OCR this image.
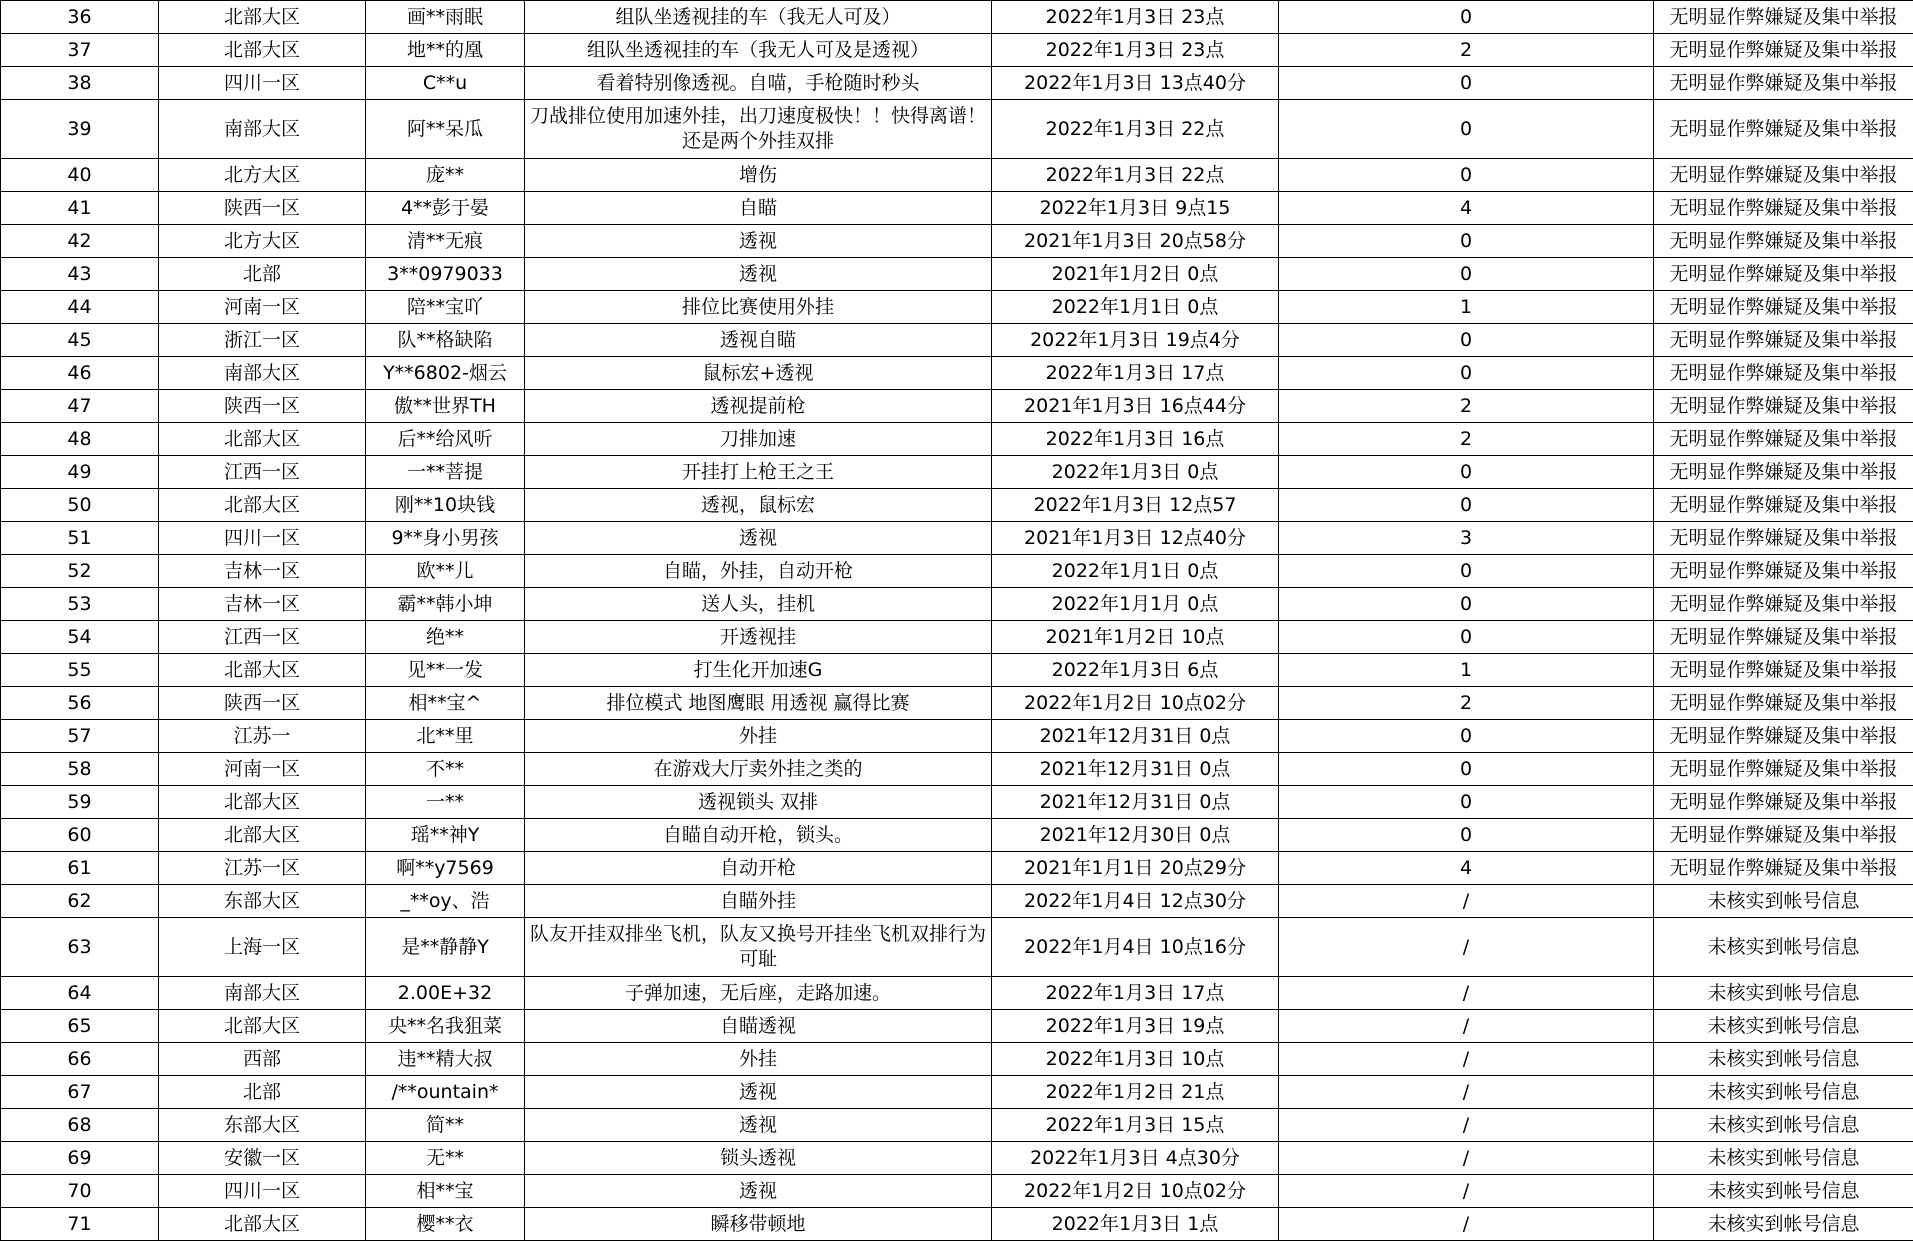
36	北部大区	画**雨眠	组队坐透视挂的车（我无人可及）	2022年1月3日 23点	0	无明显作弊嫌疑及集中举报
37	北部大区	地**的凰	组队坐透视挂的车（我无人可及是透视）	2022年1月3日 23点	2	无明显作弊嫌疑及集中举报
38	四川一区	C**u	看着特别像透视。自喵，手枪随时秒头	2022年1月3日 13点40分	0	无明显作弊嫌疑及集中举报
39	南部大区	阿**呆瓜	刀战排位使用加速外挂，出刀速度极快！！快得离谱！还是两个外挂双排	2022年1月3日 22点	0	无明显作弊嫌疑及集中举报
40	北方大区	庞**	增伤	2022年1月3日 22点	0	无明显作弊嫌疑及集中举报
41	陕西一区	4**彭于晏	自瞄	2022年1月3日 9点15	4	无明显作弊嫌疑及集中举报
42	北方大区	清**无痕	透视	2021年1月3日 20点58分	0	无明显作弊嫌疑及集中举报
43	北部	3**0979033	透视	2021年1月2日 0点	0	无明显作弊嫌疑及集中举报
44	河南一区	陪**宝吖	排位比赛使用外挂	2022年1月1日 0点	1	无明显作弊嫌疑及集中举报
45	浙江一区	队**格缺陷	透视自瞄	2022年1月3日 19点4分	0	无明显作弊嫌疑及集中举报
46	南部大区	Y**6802-烟云	鼠标宏+透视	2022年1月3日 17点	0	无明显作弊嫌疑及集中举报
47	陕西一区	傲**世界TH	透视提前枪	2021年1月3日 16点44分	2	无明显作弊嫌疑及集中举报
48	北部大区	后**给风听	刀排加速	2022年1月3日 16点	2	无明显作弊嫌疑及集中举报
49	江西一区	一**菩提	开挂打上枪王之王	2022年1月3日 0点	0	无明显作弊嫌疑及集中举报
50	北部大区	刚**10块钱	透视，鼠标宏	2022年1月3日 12点57	0	无明显作弊嫌疑及集中举报
51	四川一区	9**身小男孩	透视	2021年1月3日 12点40分	3	无明显作弊嫌疑及集中举报
52	吉林一区	欧**儿	自瞄，外挂，自动开枪	2022年1月1日 0点	0	无明显作弊嫌疑及集中举报
53	吉林一区	霸**韩小坤	送人头，挂机	2022年1月1月 0点	0	无明显作弊嫌疑及集中举报
54	江西一区	绝**	开透视挂	2021年1月2日 10点	0	无明显作弊嫌疑及集中举报
55	北部大区	见**一发	打生化开加速G	2022年1月3日 6点	1	无明显作弊嫌疑及集中举报
56	陕西一区	相**宝^	排位模式 地图鹰眼 用透视 赢得比赛	2022年1月2日 10点02分	2	无明显作弊嫌疑及集中举报
57	江苏一	北**里	外挂	2021年12月31日 0点	0	无明显作弊嫌疑及集中举报
58	河南一区	不**	在游戏大厅卖外挂之类的	2021年12月31日 0点	0	无明显作弊嫌疑及集中举报
59	北部大区	一**	透视锁头 双排	2021年12月31日 0点	0	无明显作弊嫌疑及集中举报
60	北部大区	瑶**神Y	自瞄自动开枪，锁头。	2021年12月30日 0点	0	无明显作弊嫌疑及集中举报
61	江苏一区	啊**y7569	自动开枪	2021年1月1日 20点29分	4	无明显作弊嫌疑及集中举报
62	东部大区	_**oy、浩	自瞄外挂	2022年1月4日 12点30分	/	未核实到帐号信息
63	上海一区	是**静静Y	队友开挂双排坐飞机，队友又换号开挂坐飞机双排行为可耻	2022年1月4日 10点16分	/	未核实到帐号信息
64	南部大区	2.00E+32	子弹加速，无后座，走路加速。	2022年1月3日 17点	/	未核实到帐号信息
65	北部大区	央**名我狙菜	自瞄透视	2022年1月3日 19点	/	未核实到帐号信息
66	西部	违**精大叔	外挂	2022年1月3日 10点	/	未核实到帐号信息
67	北部	/**ountain*	透视	2022年1月2日 21点	/	未核实到帐号信息
68	东部大区	简**	透视	2022年1月3日 15点	/	未核实到帐号信息
69	安徽一区	无**	锁头透视	2022年1月3日 4点30分	/	未核实到帐号信息
70	四川一区	相**宝	透视	2022年1月2日 10点02分	/	未核实到帐号信息
71	北部大区	樱**衣	瞬移带顿地	2022年1月3日 1点	/	未核实到帐号信息
